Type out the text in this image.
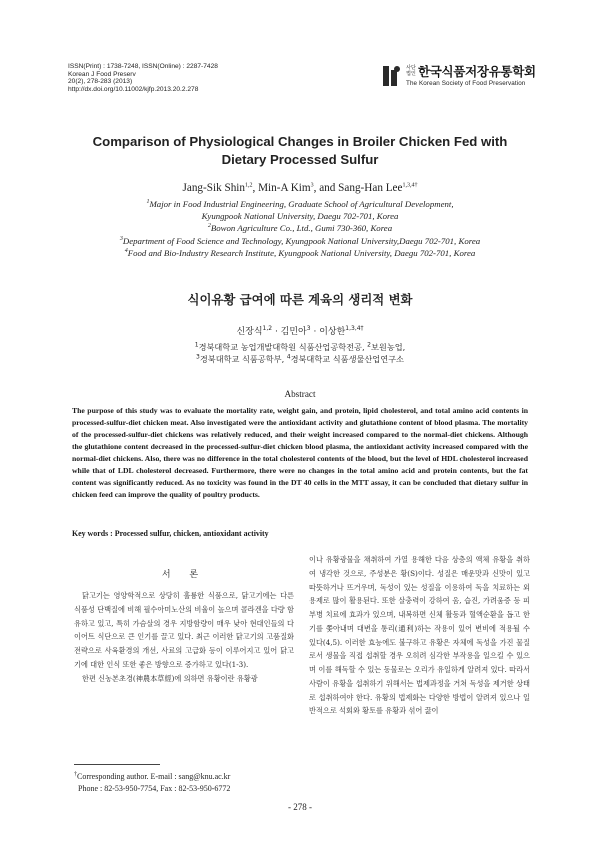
ISSN(Print) : 1738-7248, ISSN(Online) : 2287-7428
Korean J Food Preserv
20(2), 278-283 (2013)
http://dx.doi.org/10.11002/kjfp.2013.20.2.278
사단
법인 한국식품저장유통학회
The Korean Society of Food Preservation
Comparison of Physiological Changes in Broiler Chicken Fed with
Dietary Processed Sulfur
Jang-Sik Shin$^{1,2}$, Min-A Kim$^3$, and Sang-Han Lee$^{1,3,4\dagger}$
$^1$Major in Food Industrial Engineering, Graduate School of Agricultural Development,
Kyungpook National University, Daegu 702-701, Korea
$^2$Bowon Agriculture Co., Ltd., Gumi 730-360, Korea
$^3$Department of Food Science and Technology, Kyungpook National University,Daegu 702-701, Korea
$^4$Food and Bio-Industry Research Institute, Kyungpook National University, Daegu 702-701, Korea
식이유황 급여에 따른 계육의 생리적 변화
신장식$^{1,2}$ · 김민아$^3$ · 이상한$^{1,3,4\dagger}$
$^1$경북대학교 농업개발대학원 식품산업공학전공, $^2$보원농업,
$^3$경북대학교 식품공학부, $^4$경북대학교 식품생물산업연구소
Abstract
The purpose of this study was to evaluate the mortality rate, weight gain, and protein, lipid cholesterol, and total amino acid contents in processed-sulfur-diet chicken meat. Also investigated were the antioxidant activity and glutathione content of blood plasma. The mortality of the processed-sulfur-diet chickens was relatively reduced, and their weight increased compared to the normal-diet chickens. Although the glutathione content decreased in the processed-sulfur-diet chicken blood plasma, the antioxidant activity increased compared with the normal-diet chickens. Also, there was no difference in the total cholesterol contents of the blood, but the level of HDL cholesterol increased while that of LDL cholesterol decreased. Furthermore, there were no changes in the total amino acid and protein contents, but the fat content was significantly reduced. As no toxicity was found in the DT 40 cells in the MTT assay, it can be concluded that dietary sulfur in chicken feed can improve the quality of poultry products.
Key words : Processed sulfur, chicken, antioxidant activity
서 론

닭고기는 영양학적으로 상당히 훌륭한 식품으로, 닭고기에는 다른 식품성 단백질에 비해 필수아미노산의 비율이 높으며 콜라겐을 다량 함유하고 있고, 특히 가슴살의 경우 지방함량이 매우 낮아 현대인들의 다이어트 식단으로 큰 인기를 끌고 있다. 최근 이러한 닭고기의 고품질화 전략으로 사육환경의 개선, 사료의 고급화 등이 이루어지고 있어 닭고기에 대한 인식 또한 좋은 방향으로 증가하고 있다(1-3).

한편 신농본초경(神農本草經)에 의하면 유황이란 유황광

이나 유황광물을 채취하여 가열 용해한 다음 상층의 액체 유황을 취하여 냉각한 것으로, 주성분은 황(S)이다. 성질은 매운맛과 신맛이 있고 따뜻하거나 뜨거우며, 독성이 있는 성질을 이용하여 독을 치료하는 외용제로 많이 활용된다. 또한 살충력이 강하여 옴, 습진, 가려움증 등 피부병 치료에 효과가 있으며, 내복하면 신체 활동과 혈액순환을 돕고 한기를 쫓아내며 대변을 통리(通利)하는 작용이 있어 변비에 적용될 수 있다(4,5). 이러한 효능에도 불구하고 유황은 자체에 독성을 가진 물질로서 생물을 직접 섭취할 경우 오히려 심각한 부작용을 일으킬 수 있으며 이를 해독할 수 있는 동물로는 오리가 유일하게 알려져 있다. 따라서 사람이 유황을 섭취하기 위해서는 법제과정을 거쳐 독성을 제거한 상태로 섭취하여야 한다. 유황의 법제화는 다양한 방법이 알려져 있으나 일반적으로 석회와 황토를 유황과 섞어 끓이

†Corresponding author. E-mail : sang@knu.ac.kr
Phone : 82-53-950-7754, Fax : 82-53-950-6772
- 278 -
